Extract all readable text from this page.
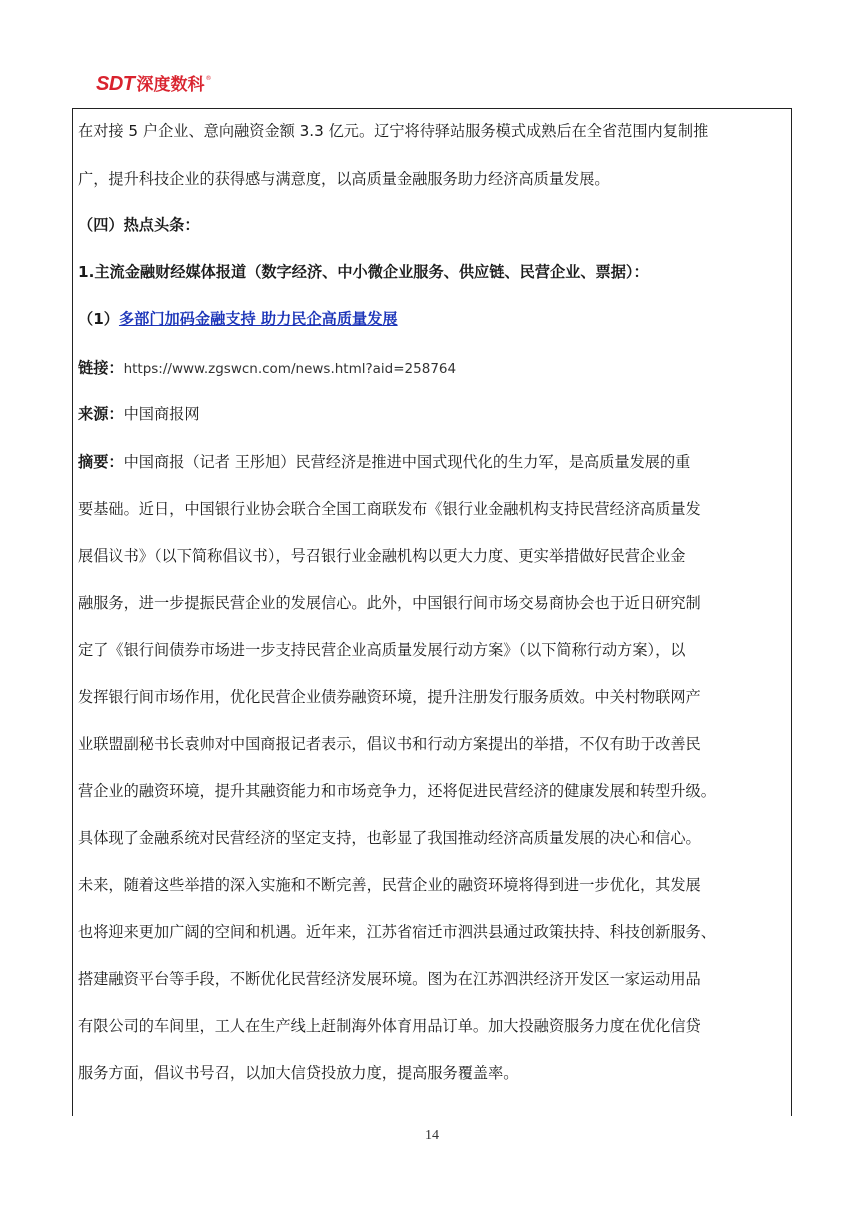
SDT 深度数科 ®
在对接 5 户企业、意向融资金额 3.3 亿元。辽宁将待驿站服务模式成熟后在全省范围内复制推
广，提升科技企业的获得感与满意度，以高质量金融服务助力经济高质量发展。
（四）热点头条：
1.主流金融财经媒体报道（数字经济、中小微企业服务、供应链、民营企业、票据）：
（1）多部门加码金融支持 助力民企高质量发展
链接：https://www.zgswcn.com/news.html?aid=258764
来源：中国商报网
摘要：中国商报（记者 王彤旭）民营经济是推进中国式现代化的生力军，是高质量发展的重
要基础。近日，中国银行业协会联合全国工商联发布《银行业金融机构支持民营经济高质量发
展倡议书》（以下简称倡议书），号召银行业金融机构以更大力度、更实举措做好民营企业金
融服务，进一步提振民营企业的发展信心。此外，中国银行间市场交易商协会也于近日研究制
定了《银行间债券市场进一步支持民营企业高质量发展行动方案》（以下简称行动方案），以
发挥银行间市场作用，优化民营企业债券融资环境，提升注册发行服务质效。中关村物联网产
业联盟副秘书长袁帅对中国商报记者表示，倡议书和行动方案提出的举措，不仅有助于改善民
营企业的融资环境，提升其融资能力和市场竞争力，还将促进民营经济的健康发展和转型升级。
具体现了金融系统对民营经济的坚定支持，也彰显了我国推动经济高质量发展的决心和信心。
未来，随着这些举措的深入实施和不断完善，民营企业的融资环境将得到进一步优化，其发展
也将迎来更加广阔的空间和机遇。近年来，江苏省宿迁市泗洪县通过政策扶持、科技创新服务、
搭建融资平台等手段，不断优化民营经济发展环境。图为在江苏泗洪经济开发区一家运动用品
有限公司的车间里，工人在生产线上赶制海外体育用品订单。加大投融资服务力度在优化信贷
服务方面，倡议书号召，以加大信贷投放力度，提高服务覆盖率。
14
